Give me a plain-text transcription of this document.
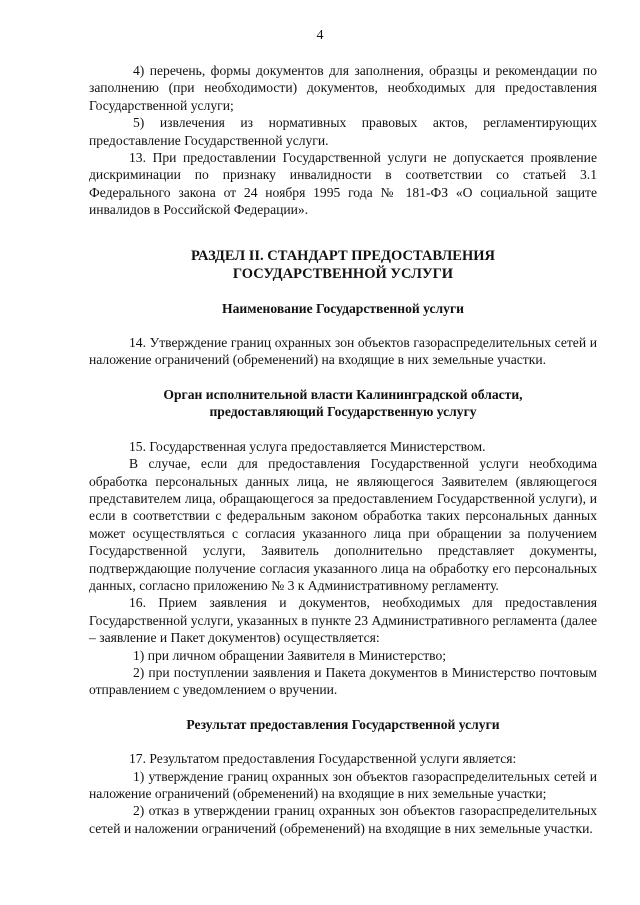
4

4) перечень, формы документов для заполнения, образцы и рекомендации по заполнению (при необходимости) документов, необходимых для предоставления Государственной услуги;

5) извлечения из нормативных правовых актов, регламентирующих предоставление Государственной услуги.

13. При предоставлении Государственной услуги не допускается проявление дискриминации по признаку инвалидности в соответствии со статьей 3.1 Федерального закона от 24 ноября 1995 года № 181-ФЗ «О социальной защите инвалидов в Российской Федерации».

РАЗДЕЛ II. СТАНДАРТ ПРЕДОСТАВЛЕНИЯ
ГОСУДАРСТВЕННОЙ УСЛУГИ
Наименование Государственной услуги

14. Утверждение границ охранных зон объектов газораспределительных сетей и наложение ограничений (обременений) на входящие в них земельные участки.

Орган исполнительной власти Калининградской области,
предоставляющий Государственную услугу

15. Государственная услуга предоставляется Министерством.

В случае, если для предоставления Государственной услуги необходима обработка персональных данных лица, не являющегося Заявителем (являющегося представителем лица, обращающегося за предоставлением Государственной услуги), и если в соответствии с федеральным законом обработка таких персональных данных может осуществляться с согласия указанного лица при обращении за получением Государственной услуги, Заявитель дополнительно представляет документы, подтверждающие получение согласия указанного лица на обработку его персональных данных, согласно приложению № 3 к Административному регламенту.

16. Прием заявления и документов, необходимых для предоставления Государственной услуги, указанных в пункте 23 Административного регламента (далее – заявление и Пакет документов) осуществляется:

1) при личном обращении Заявителя в Министерство;

2) при поступлении заявления и Пакета документов в Министерство почтовым отправлением с уведомлением о вручении.

Результат предоставления Государственной услуги

17. Результатом предоставления Государственной услуги является:

1) утверждение границ охранных зон объектов газораспределительных сетей и наложение ограничений (обременений) на входящие в них земельные участки;

2) отказ в утверждении границ охранных зон объектов газораспределительных сетей и наложении ограничений (обременений) на входящие в них земельные участки.
